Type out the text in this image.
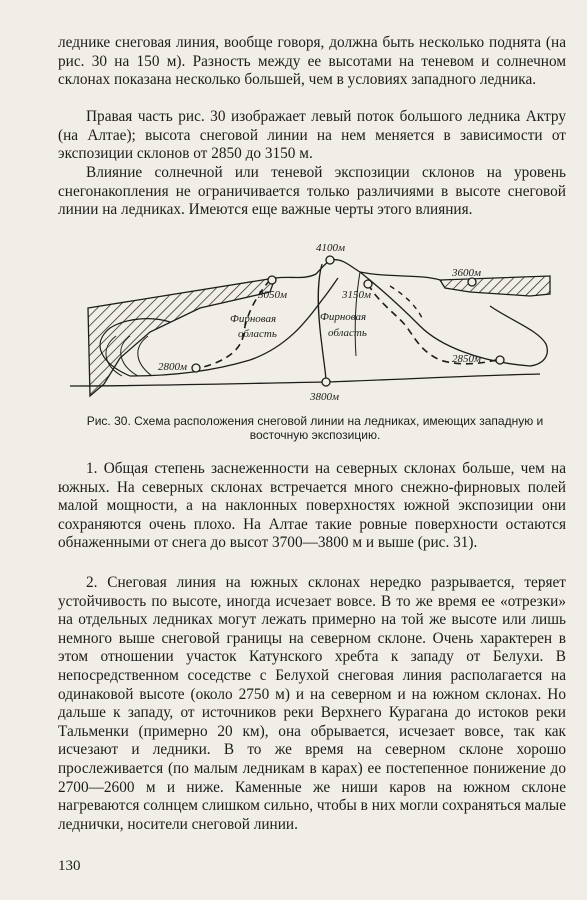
леднике снеговая линия, вообще говоря, должна быть несколько поднята (на рис. 30 на 150 м). Разность между ее высотами на теневом и солнечном склонах показана несколько большей, чем в условиях западного ледника.

Правая часть рис. 30 изображает левый поток большого ледника Актру (на Алтае); высота снеговой линии на нем меняется в зависимости от экспозиции склонов от 2850 до 3150 м.

Влияние солнечной или теневой экспозиции склонов на уровень снегонакопления не ограничивается только различиями в высоте снеговой линии на ледниках. Имеются еще важные черты этого влияния.

4100м
3050м	3150м
3600м
2800м
2850м
3800м
Фирновая
область
Фирновая
область

Рис. 30. Схема расположения снеговой линии на ледниках, имеющих западную и восточную экспозицию.

1. Общая степень заснеженности на северных склонах больше, чем на южных. На северных склонах встречается много снежно-фирновых полей малой мощности, а на наклонных поверхностях южной экспозиции они сохраняются очень плохо. На Алтае такие ровные поверхности остаются обнаженными от снега до высот 3700—3800 м и выше (рис. 31).

2. Снеговая линия на южных склонах нередко разрывается, теряет устойчивость по высоте, иногда исчезает вовсе. В то же время ее «отрезки» на отдельных ледниках могут лежать примерно на той же высоте или лишь немного выше снеговой границы на северном склоне. Очень характерен в этом отношении участок Катунского хребта к западу от Белухи. В непосредственном соседстве с Белухой снеговая линия располагается на одинаковой высоте (около 2750 м) и на северном и на южном склонах. Но дальше к западу, от источников реки Верхнего Курагана до истоков реки Тальменки (примерно 20 км), она обрывается, исчезает вовсе, так как исчезают и ледники. В то же время на северном склоне хорошо прослеживается (по малым ледникам в карах) ее постепенное понижение до 2700—2600 м и ниже. Каменные же ниши каров на южном склоне нагреваются солнцем слишком сильно, чтобы в них могли сохраняться малые леднички, носители снеговой линии.

130
